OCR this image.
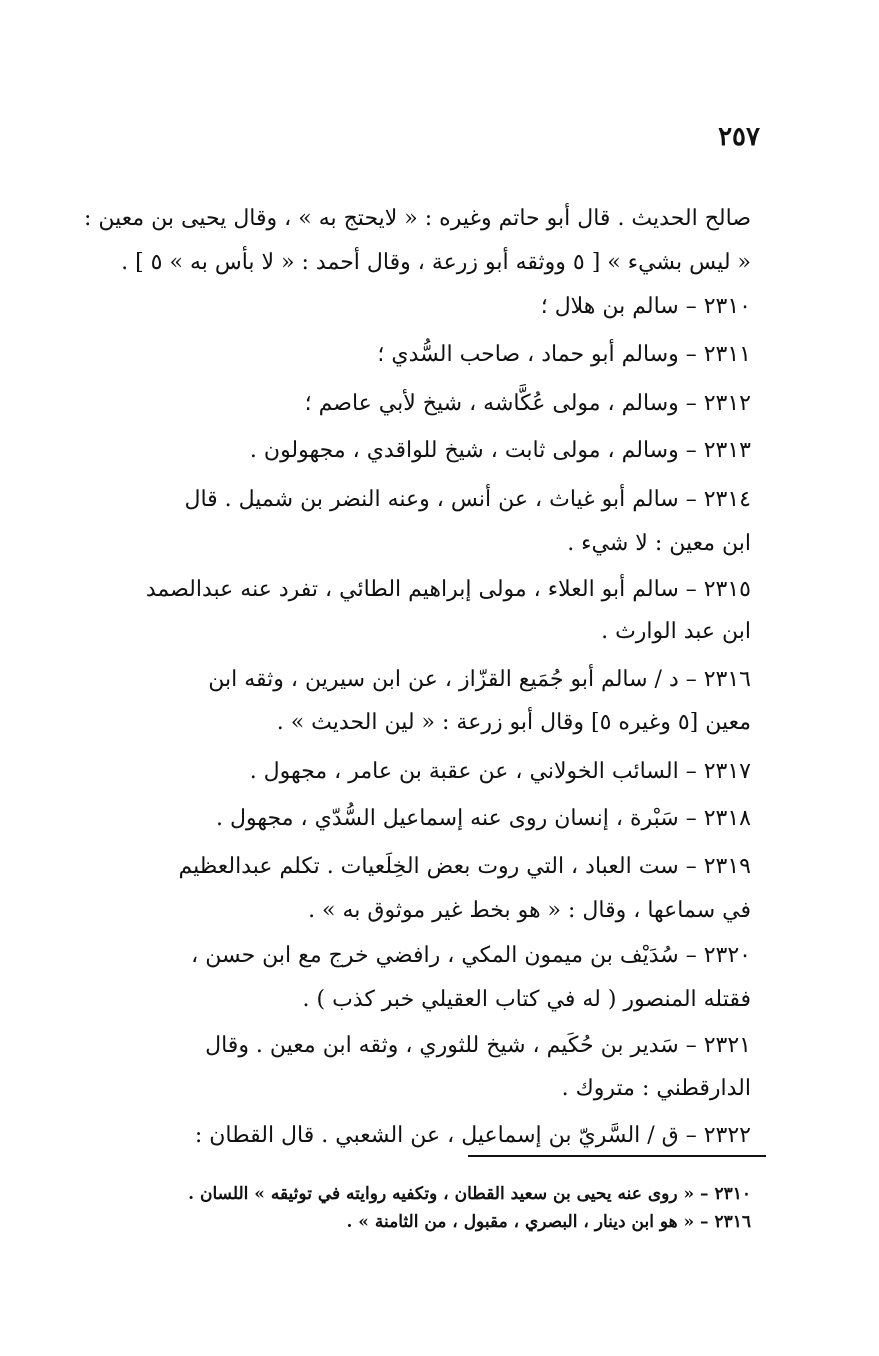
٢٥٧
صالح الحديث . قال أبو حاتم وغيره : « لايحتج به » ، وقال يحيى بن معين :
« ليس بشيء » [ ٥ ووثقه أبو زرعة ، وقال أحمد : « لا بأس به » ٥ ] .
٢٣١٠ – سالم بن هلال ؛
٢٣١١ – وسالم أبو حماد ، صاحب السُّدي ؛
٢٣١٢ – وسالم ، مولى عُكَّاشه ، شيخ لأبي عاصم ؛
٢٣١٣ – وسالم ، مولى ثابت ، شيخ للواقدي ، مجهولون .
٢٣١٤ – سالم أبو غياث ، عن أنس ، وعنه النضر بن شميل . قال
ابن معين : لا شيء .
٢٣١٥ – سالم أبو العلاء ، مولى إبراهيم الطائي ، تفرد عنه عبدالصمد
ابن عبد الوارث .
٢٣١٦ – د / سالم أبو جُمَيع القزّاز ، عن ابن سيرين ، وثقه ابن
معين [٥ وغيره ٥] وقال أبو زرعة : « لين الحديث » .
٢٣١٧ – السائب الخولاني ، عن عقبة بن عامر ، مجهول .
٢٣١٨ – سَبْرة ، إنسان روى عنه إسماعيل السُّدّي ، مجهول .
٢٣١٩ – ست العباد ، التي روت بعض الخِلَعيات . تكلم عبدالعظيم
في سماعها ، وقال : « هو بخط غير موثوق به » .
٢٣٢٠ – سُدَيْف بن ميمون المكي ، رافضي خرج مع ابن حسن ،
فقتله المنصور ( له في كتاب العقيلي خبر كذب ) .
٢٣٢١ – سَدير بن حُكَيم ، شيخ للثوري ، وثقه ابن معين . وقال
الدارقطني : متروك .
٢٣٢٢ – ق / السَّريّ بن إسماعيل ، عن الشعبي . قال القطان :
٢٣١٠ – « روى عنه يحيى بن سعيد القطان ، وتكفيه روايته في توثيقه » اللسان .
٢٣١٦ – « هو ابن دينار ، البصري ، مقبول ، من الثامنة » .
